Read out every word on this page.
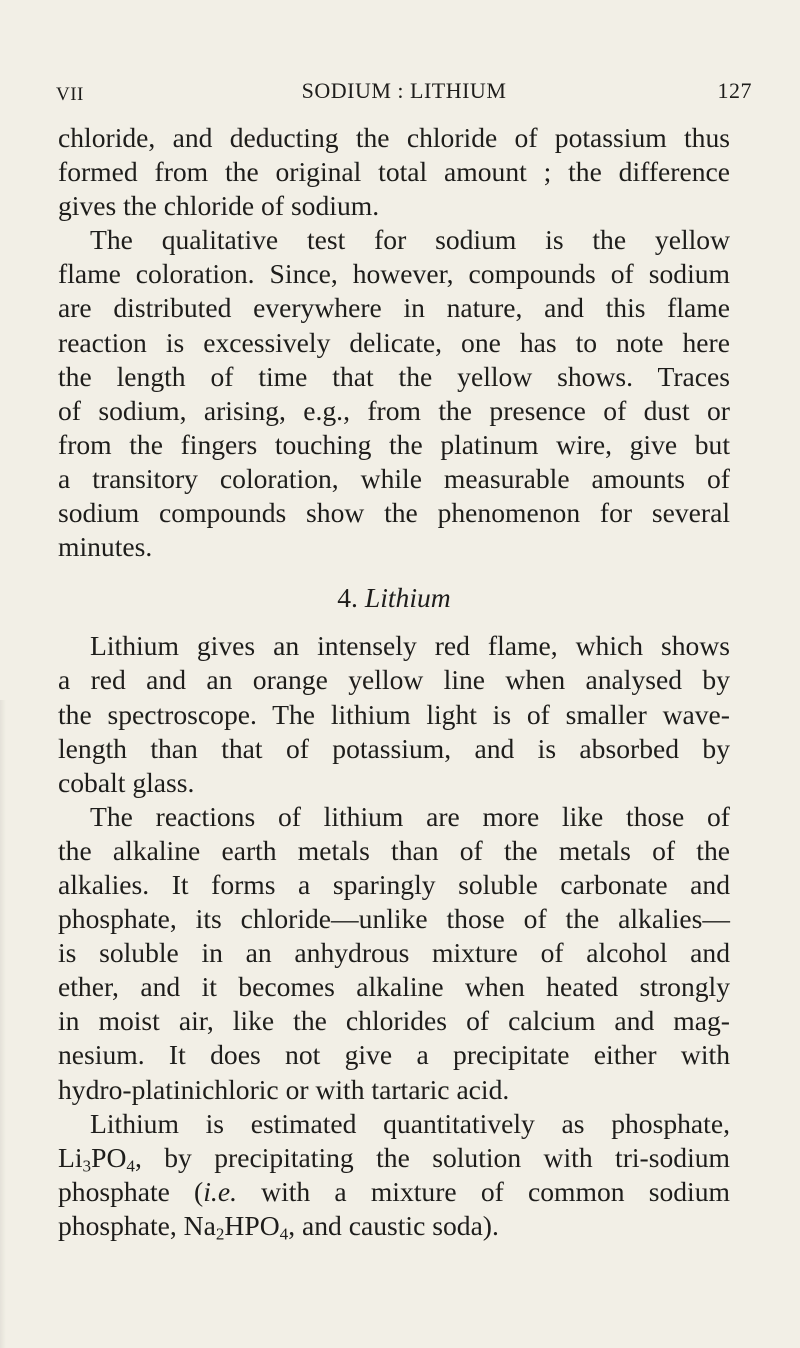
VII	SODIUM : LITHIUM	127
chloride, and deducting the chloride of potassium thus
formed from the original total amount ; the difference
gives the chloride of sodium.
The qualitative test for sodium is the yellow
flame coloration. Since, however, compounds of sodium
are distributed everywhere in nature, and this flame
reaction is excessively delicate, one has to note here
the length of time that the yellow shows. Traces
of sodium, arising, e.g., from the presence of dust or
from the fingers touching the platinum wire, give but
a transitory coloration, while measurable amounts of
sodium compounds show the phenomenon for several
minutes.
4. Lithium
Lithium gives an intensely red flame, which shows
a red and an orange yellow line when analysed by
the spectroscope. The lithium light is of smaller wave-
length than that of potassium, and is absorbed by
cobalt glass.
The reactions of lithium are more like those of
the alkaline earth metals than of the metals of the
alkalies. It forms a sparingly soluble carbonate and
phosphate, its chloride—unlike those of the alkalies—
is soluble in an anhydrous mixture of alcohol and
ether, and it becomes alkaline when heated strongly
in moist air, like the chlorides of calcium and mag-
nesium. It does not give a precipitate either with
hydro-platinichloric or with tartaric acid.
Lithium is estimated quantitatively as phosphate,
$Li_3PO_4$, by precipitating the solution with tri-sodium
phosphate (i.e. with a mixture of common sodium
phosphate, $Na_2HPO_4$, and caustic soda).
